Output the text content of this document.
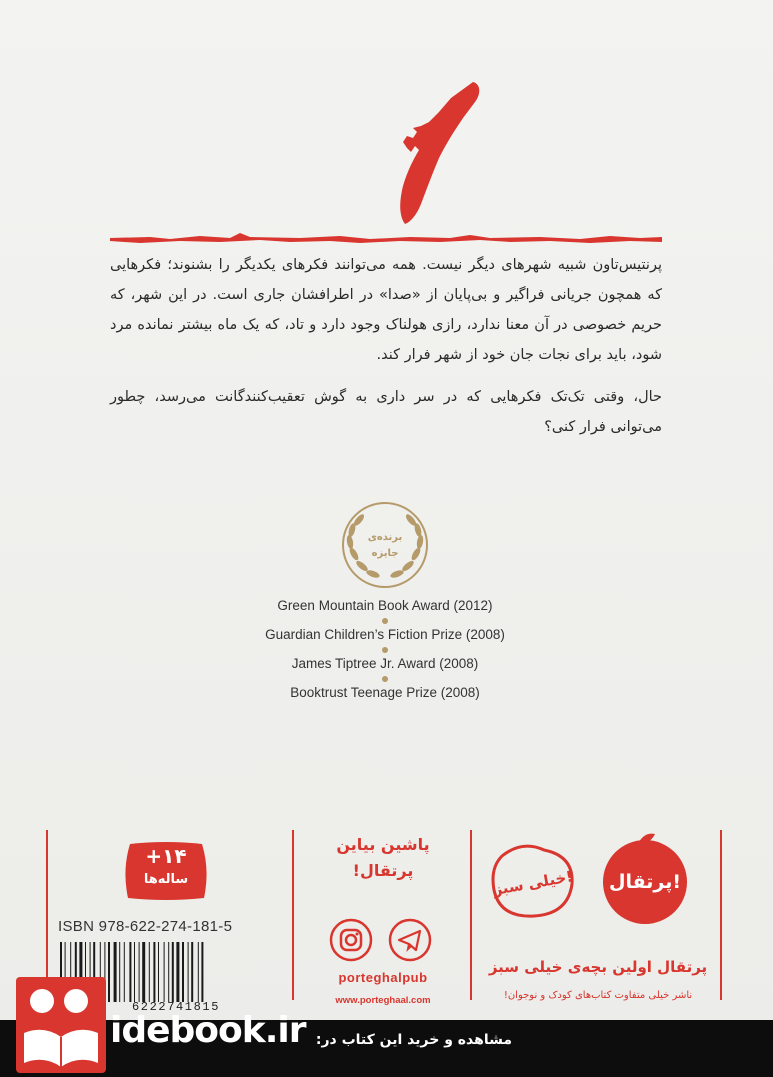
پرنتیس‌تاون شبیه شهرهای دیگر نیست. همه می‌توانند فکرهای یکدیگر را بشنوند؛ فکرهایی که همچون جریانی فراگیر و بی‌پایان از «صدا» در اطرافشان جاری است. در این شهر، که حریم خصوصی در آن معنا ندارد، رازی هولناک وجود دارد و تاد، که یک ماه بیشتر نمانده مرد شود، باید برای نجات جان خود از شهر فرار کند.

حال، وقتی تک‌تک فکرهایی که در سر داری به گوش تعقیب‌کنندگانت می‌رسد، چطور می‌توانی فرار کنی؟

برنده‌ی
جایزه
Green Mountain Book Award (2012)
Guardian Children’s Fiction Prize (2008)
James Tiptree Jr. Award (2008)
Booktrust Teenage Prize (2008)
+۱۴
ساله‌ها
ISBN 978-622-274-181-5
6222741815
پاشین بیاین
پرتقال!
porteghalpub
www.porteghaal.com
پرتقال!
خیلی سبز!
پرتقال اولین بچه‌ی خیلی سبز
ناشر خیلی متفاوت کتاب‌های کودک و نوجوان!
idebook.ir مشاهده و خرید این کتاب در:
